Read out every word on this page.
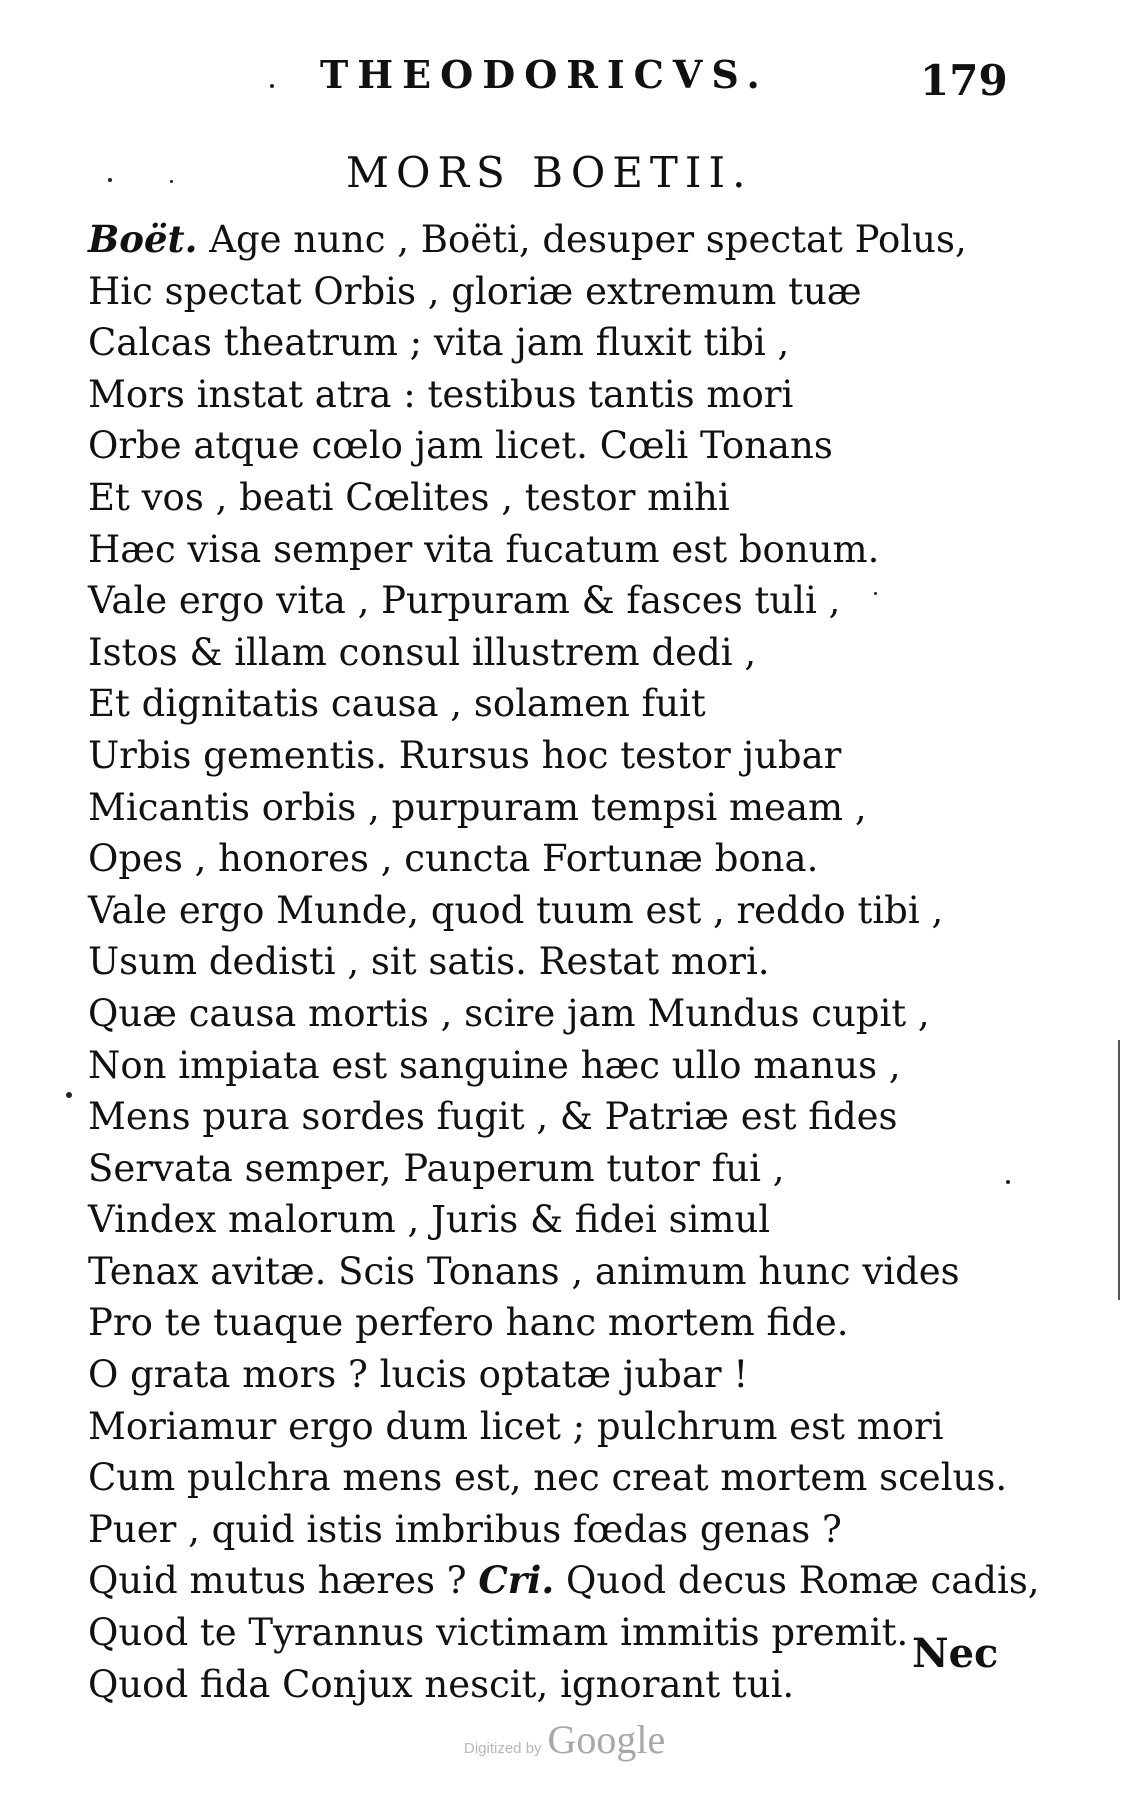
THEODORICVS.	179
MORS BOETII.
Boët. Age nunc , Boëti, desuper spectat Polus,
Hic spectat Orbis , gloriæ extremum tuæ
Calcas theatrum ; vita jam fluxit tibi ,
Mors instat atra : testibus tantis mori
Orbe atque cœlo jam licet. Cœli Tonans
Et vos , beati Cœlites , testor mihi
Hæc visa semper vita fucatum est bonum.
Vale ergo vita , Purpuram & fasces tuli ,
Istos & illam consul illustrem dedi ,
Et dignitatis causa , solamen fuit
Urbis gementis. Rursus hoc testor jubar
Micantis orbis , purpuram tempsi meam ,
Opes , honores , cuncta Fortunæ bona.
Vale ergo Munde, quod tuum est , reddo tibi ,
Usum dedisti , sit satis. Restat mori.
Quæ causa mortis , scire jam Mundus cupit ,
Non impiata est sanguine hæc ullo manus ,
Mens pura sordes fugit , & Patriæ est fides
Servata semper, Pauperum tutor fui ,
Vindex malorum , Juris & fidei simul
Tenax avitæ. Scis Tonans , animum hunc vides
Pro te tuaque perfero hanc mortem fide.
O grata mors ? lucis optatæ jubar !
Moriamur ergo dum licet ; pulchrum est mori
Cum pulchra mens est, nec creat mortem scelus.
Puer , quid istis imbribus fœdas genas ?
Quid mutus hæres ? Cri. Quod decus Romæ cadis,
Quod te Tyrannus victimam immitis premit.
Quod fida Conjux nescit, ignorant tui.
Nec
Digitized by Google
